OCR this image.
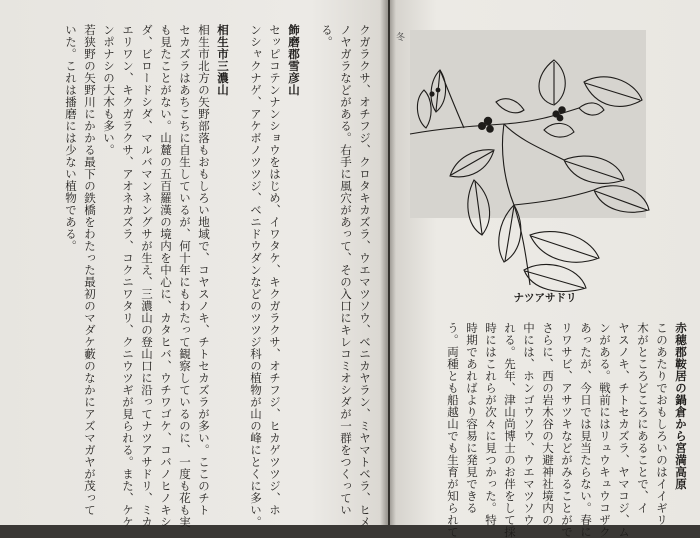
クガラクサ、オチフジ、クロタキカズラ、ウエマツソウ、ベニカヤラン、ミヤマトベラ、ヒメ
ノヤガラなどがある。右手に風穴があって、その入口にキレコミオシダが一群をつくってい
る。
飾磨郡雪彦山
セッピコテンナンショウをはじめ、イワタケ、キクガラクサ、オチフジ、ヒカゲツツジ、ホ
ンシャクナゲ、アケボノツツジ、ベニドウダンなどのツツジ科の植物が山の峰にとくに多い。
相生市三濃山
相生市北方の矢野部落もおもしろい地域で、コヤスノキ、チトセカズラが多い。ここのチト
セカズラはあちこちに自生しているが、何十年にもわたって観察しているのに、一度も花も実
も見たことがない。山麓の五百羅漢の境内を中心に、カタヒバ、ウチワゴケ、コバノヒノキシ
ダ、ビロードシダ、マルバマンネングサが生え、三濃山の登山口に沿ってナツアサドリ、ミカ
エリワン、キクガラクサ、アオネカズラ、コクニワタリ、クニウツギが見られる。また、ケケ
ンポナシの大木も多い。
若狭野の矢野川にかかる最下の鉄橋をわたった最初のマダケ藪のなかにアズマガヤが茂って
いた。これは播磨には少ない植物である。	冬
ナツアサドリ
赤穂郡鞍居の鍋倉から宮満高原
このあたりでおもしろいのはイイギリ
木がところどころにあることで、イ
ヤスノキ、チトセカズラ、ヤマコジ、ム
ンがある。戦前にはリュウキュウコザク
あったが、今日では見当たらない。春に
リワサビ、アサツキなどがみることがで
さらに、西の岩木谷の大避神社境内の
中には、ホンゴウソウ、ウエマツソウ
れる。先年、津山尚博士のお伴をして採
時にはこれらが次々に見つかった。特
時期であればより容易に発見できる
う。両種とも船越山でも生育が知られて
